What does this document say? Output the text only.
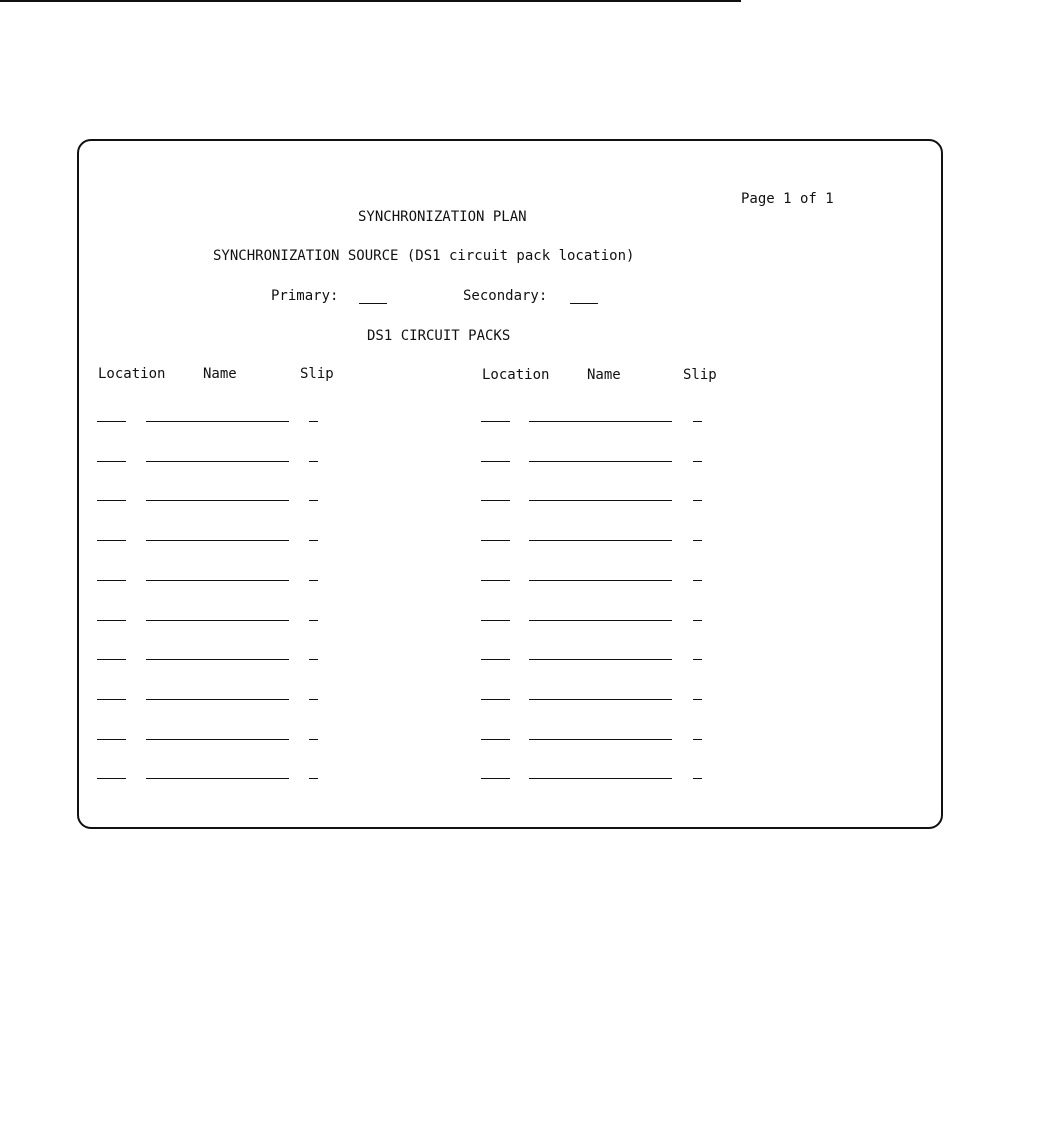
Page 1 of 1
SYNCHRONIZATION PLAN
SYNCHRONIZATION SOURCE (DS1 circuit pack location)
Primary:	Secondary:
DS1 CIRCUIT PACKS
Location	Name	Slip	Location	Name	Slip
